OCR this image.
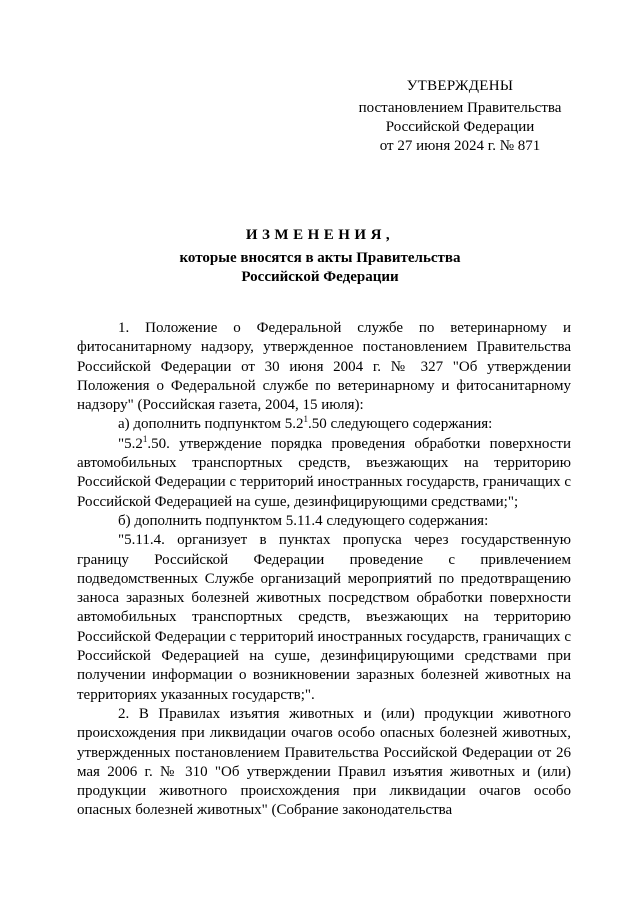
УТВЕРЖДЕНЫ
постановлением Правительства
Российской Федерации
от 27 июня 2024 г. № 871
ИЗМЕНЕНИЯ,
которые вносятся в акты Правительства
Российской Федерации

1. Положение о Федеральной службе по ветеринарному и фитосанитарному надзору, утвержденное постановлением Правительства Российской Федерации от 30 июня 2004 г. № 327 "Об утверждении Положения о Федеральной службе по ветеринарному и фитосанитарному надзору" (Российская газета, 2004, 15 июля):

а) дополнить подпунктом $5.2^1.50$ следующего содержания:

"$5.2^1.50$. утверждение порядка проведения обработки поверхности автомобильных транспортных средств, въезжающих на территорию Российской Федерации с территорий иностранных государств, граничащих с Российской Федерацией на суше, дезинфицирующими средствами;";

б) дополнить подпунктом 5.11.4 следующего содержания:

"5.11.4. организует в пунктах пропуска через государственную границу Российской Федерации проведение с привлечением подведомственных Службе организаций мероприятий по предотвращению заноса заразных болезней животных посредством обработки поверхности автомобильных транспортных средств, въезжающих на территорию Российской Федерации с территорий иностранных государств, граничащих с Российской Федерацией на суше, дезинфицирующими средствами при получении информации о возникновении заразных болезней животных на территориях указанных государств;".

2. В Правилах изъятия животных и (или) продукции животного происхождения при ликвидации очагов особо опасных болезней животных, утвержденных постановлением Правительства Российской Федерации от 26 мая 2006 г. № 310 "Об утверждении Правил изъятия животных и (или) продукции животного происхождения при ликвидации очагов особо опасных болезней животных" (Собрание законодательства
